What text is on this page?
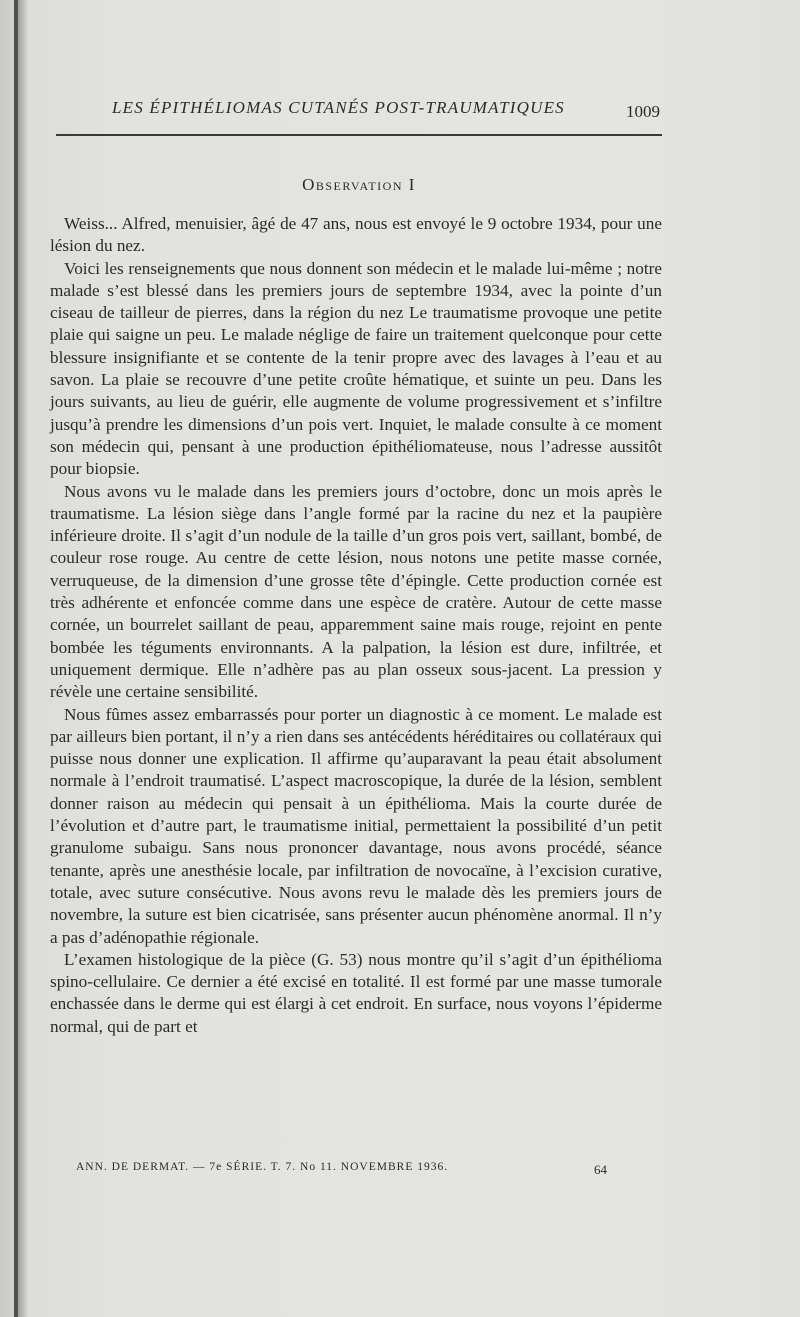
LES ÉPITHÉLIOMAS CUTANÉS POST-TRAUMATIQUES	1009
Observation I

Weiss... Alfred, menuisier, âgé de 47 ans, nous est envoyé le 9 octobre 1934, pour une lésion du nez.

Voici les renseignements que nous donnent son médecin et le malade lui-même ; notre malade s’est blessé dans les premiers jours de septembre 1934, avec la pointe d’un ciseau de tailleur de pierres, dans la région du nez Le traumatisme provoque une petite plaie qui saigne un peu. Le malade néglige de faire un traitement quelconque pour cette blessure insignifiante et se contente de la tenir propre avec des lavages à l’eau et au savon. La plaie se recouvre d’une petite croûte hématique, et suinte un peu. Dans les jours suivants, au lieu de guérir, elle augmente de volume progressivement et s’infiltre jusqu’à prendre les dimensions d’un pois vert. Inquiet, le malade consulte à ce moment son médecin qui, pensant à une production épithéliomateuse, nous l’adresse aussitôt pour biopsie.

Nous avons vu le malade dans les premiers jours d’octobre, donc un mois après le traumatisme. La lésion siège dans l’angle formé par la racine du nez et la paupière inférieure droite. Il s’agit d’un nodule de la taille d’un gros pois vert, saillant, bombé, de couleur rose rouge. Au centre de cette lésion, nous notons une petite masse cornée, verruqueuse, de la dimension d’une grosse tête d’épingle. Cette production cornée est très adhérente et enfoncée comme dans une espèce de cratère. Autour de cette masse cornée, un bourrelet saillant de peau, apparemment saine mais rouge, rejoint en pente bombée les téguments environnants. A la palpation, la lésion est dure, infiltrée, et uniquement dermique. Elle n’adhère pas au plan osseux sous-jacent. La pression y révèle une certaine sensibilité.

Nous fûmes assez embarrassés pour porter un diagnostic à ce moment. Le malade est par ailleurs bien portant, il n’y a rien dans ses antécédents héréditaires ou collatéraux qui puisse nous donner une explication. Il affirme qu’auparavant la peau était absolument normale à l’endroit traumatisé. L’aspect macroscopique, la durée de la lésion, semblent donner raison au médecin qui pensait à un épithélioma. Mais la courte durée de l’évolution et d’autre part, le traumatisme initial, permettaient la possibilité d’un petit granulome subaigu. Sans nous prononcer davantage, nous avons procédé, séance tenante, après une anesthésie locale, par infiltration de novocaïne, à l’excision curative, totale, avec suture consécutive. Nous avons revu le malade dès les premiers jours de novembre, la suture est bien cicatrisée, sans présenter aucun phénomène anormal. Il n’y a pas d’adénopathie régionale.

L’examen histologique de la pièce (G. 53) nous montre qu’il s’agit d’un épithélioma spino-cellulaire. Ce dernier a été excisé en totalité. Il est formé par une masse tumorale enchassée dans le derme qui est élargi à cet endroit. En surface, nous voyons l’épiderme normal, qui de part et

ANN. DE DERMAT. — 7e SÉRIE. T. 7. No 11. NOVEMBRE 1936.	64
